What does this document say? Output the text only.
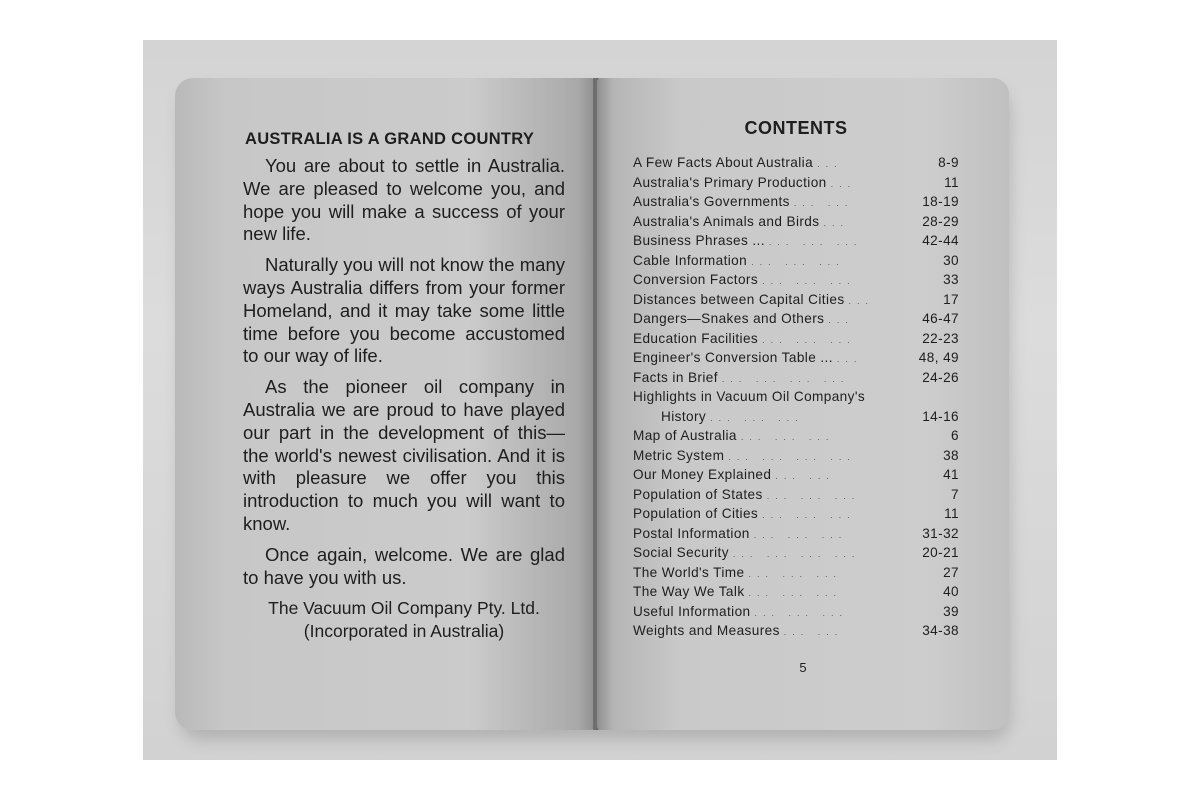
AUSTRALIA IS A GRAND COUNTRY

You are about to settle in Australia. We are pleased to welcome you, and hope you will make a success of your new life.

Naturally you will not know the many ways Australia differs from your former Homeland, and it may take some little time before you become accustomed to our way of life.

As the pioneer oil company in Australia we are proud to have played our part in the development of this—the world's newest civilisation. And it is with pleasure we offer you this introduction to much you will want to know.

Once again, welcome. We are glad to have you with us.

The Vacuum Oil Company Pty. Ltd.

(Incorporated in Australia)

CONTENTS
A Few Facts About Australia ...	8-9
Australia's Primary Production ...	11
Australia's Governments ... ...	18-19
Australia's Animals and Birds ...	28-29
Business Phrases ... ... ... ...	42-44
Cable Information ... ... ...	30
Conversion Factors ... ... ...	33
Distances between Capital Cities ...	17
Dangers—Snakes and Others ...	46-47
Education Facilities ... ... ...	22-23
Engineer's Conversion Table ... ...	48, 49
Facts in Brief ... ... ... ...	24-26
Highlights in Vacuum Oil Company's
History ... ... ...	14-16
Map of Australia ... ... ...	6
Metric System ... ... ... ...	38
Our Money Explained ... ...	41
Population of States ... ... ...	7
Population of Cities ... ... ...	11
Postal Information ... ... ...	31-32
Social Security ... ... ... ...	20-21
The World's Time ... ... ...	27
The Way We Talk ... ... ...	40
Useful Information ... ... ...	39
Weights and Measures ... ...	34-38
5
